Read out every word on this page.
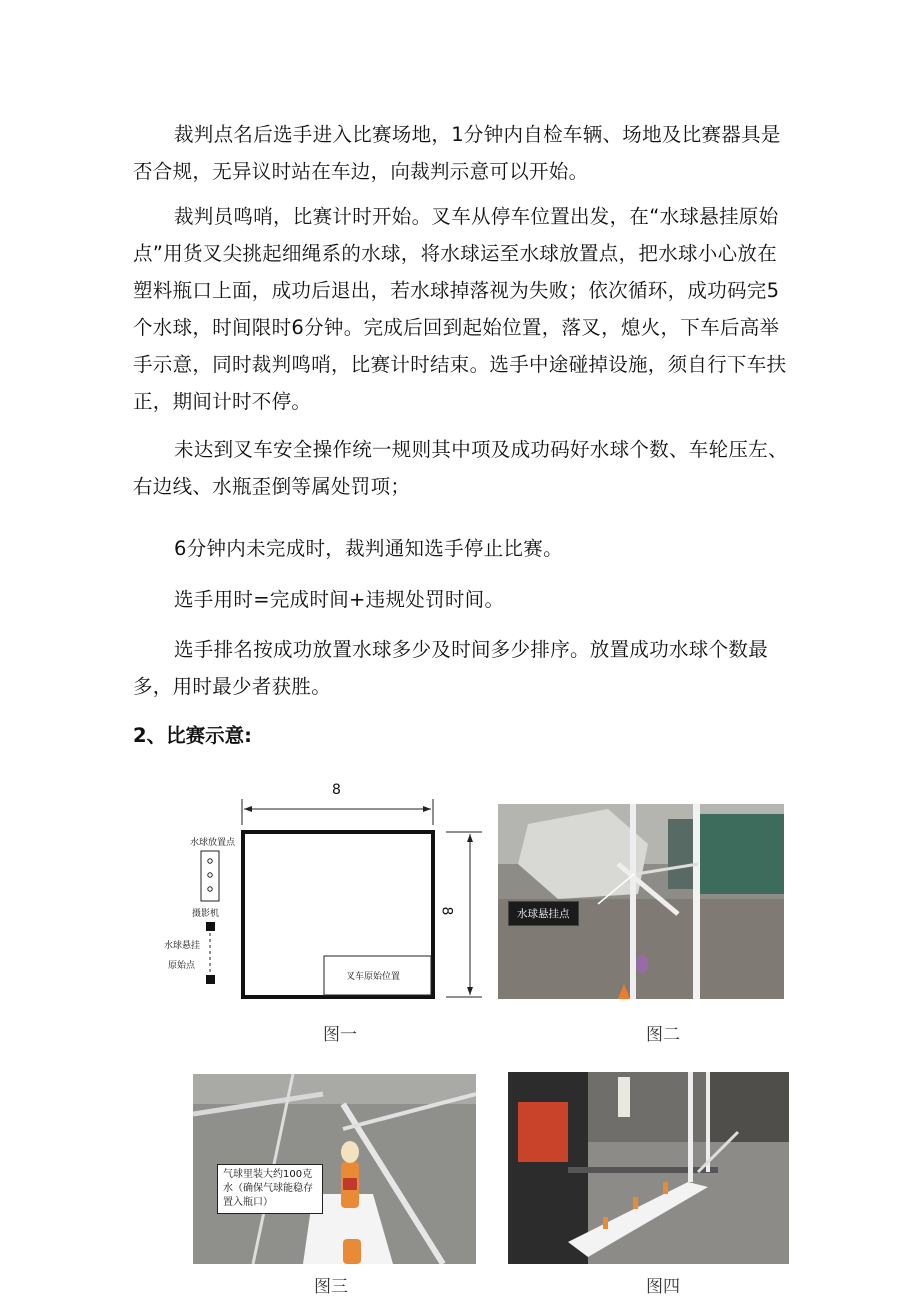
裁判点名后选手进入比赛场地，1分钟内自检车辆、场地及比赛器具是否合规，无异议时站在车边，向裁判示意可以开始。

裁判员鸣哨，比赛计时开始。叉车从停车位置出发，在“水球悬挂原始点”用货叉尖挑起细绳系的水球，将水球运至水球放置点，把水球小心放在塑料瓶口上面，成功后退出，若水球掉落视为失败；依次循环，成功码完5个水球，时间限时6分钟。完成后回到起始位置，落叉，熄火，下车后高举手示意，同时裁判鸣哨，比赛计时结束。选手中途碰掉设施，须自行下车扶正，期间计时不停。

未达到叉车安全操作统一规则其中项及成功码好水球个数、车轮压左、右边线、水瓶歪倒等属处罚项；

6分钟内未完成时，裁判通知选手停止比赛。

选手用时=完成时间+违规处罚时间。

选手排名按成功放置水球多少及时间多少排序。放置成功水球个数最多，用时最少者获胜。

2、比赛示意:

8
8
水球放置点
摄影机
水球悬挂
原始点
叉车原始位置
图一
水球悬挂点
图二
气球里装大约100克
水（确保气球能稳存
置入瓶口）
图三	图四
